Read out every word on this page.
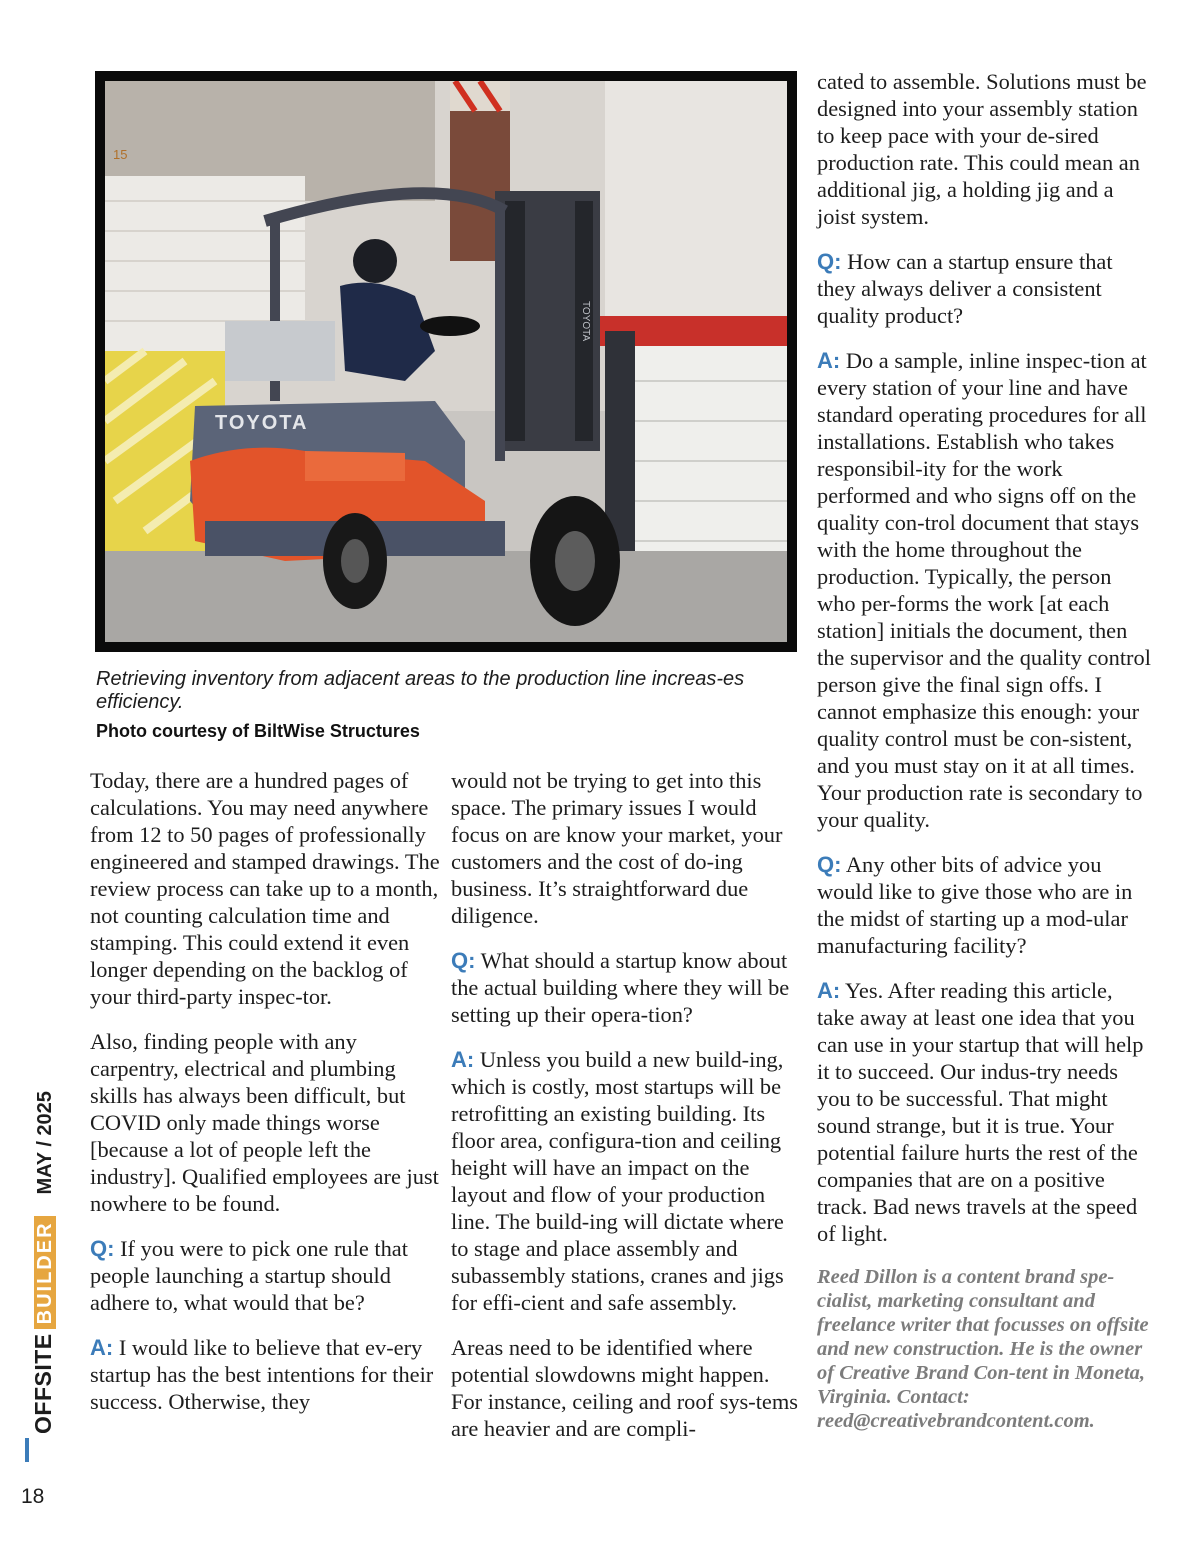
15
TOYOTA
TOYOTA

Retrieving inventory from adjacent areas to the production line increas-es efficiency.

Photo courtesy of BiltWise Structures

Today, there are a hundred pages of calculations. You may need anywhere from 12 to 50 pages of professionally engineered and stamped drawings. The review process can take up to a month, not counting calculation time and stamping. This could extend it even longer depending on the backlog of your third-party inspec-tor.

Also, finding people with any carpentry, electrical and plumbing skills has always been difficult, but COVID only made things worse [because a lot of people left the industry]. Qualified employees are just nowhere to be found.

Q: If you were to pick one rule that people launching a startup should adhere to, what would that be?

A: I would like to believe that ev-ery startup has the best intentions for their success. Otherwise, they

would not be trying to get into this space. The primary issues I would focus on are know your market, your customers and the cost of do-ing business. It’s straightforward due diligence.

Q: What should a startup know about the actual building where they will be setting up their opera-tion?

A: Unless you build a new build-ing, which is costly, most startups will be retrofitting an existing building. Its floor area, configura-tion and ceiling height will have an impact on the layout and flow of your production line. The build-ing will dictate where to stage and place assembly and subassembly stations, cranes and jigs for effi-cient and safe assembly.

Areas need to be identified where potential slowdowns might happen. For instance, ceiling and roof sys-tems are heavier and are compli-

cated to assemble. Solutions must be designed into your assembly station to keep pace with your de-sired production rate. This could mean an additional jig, a holding jig and a joist system.

Q: How can a startup ensure that they always deliver a consistent quality product?

A: Do a sample, inline inspec-tion at every station of your line and have standard operating procedures for all installations. Establish who takes responsibil-ity for the work performed and who signs off on the quality con-trol document that stays with the home throughout the production. Typically, the person who per-forms the work [at each station] initials the document, then the supervisor and the quality control person give the final sign offs. I cannot emphasize this enough: your quality control must be con-sistent, and you must stay on it at all times. Your production rate is secondary to your quality.

Q: Any other bits of advice you would like to give those who are in the midst of starting up a mod-ular manufacturing facility?

A: Yes. After reading this article, take away at least one idea that you can use in your startup that will help it to succeed. Our indus-try needs you to be successful. That might sound strange, but it is true. Your potential failure hurts the rest of the companies that are on a positive track. Bad news travels at the speed of light.

Reed Dillon is a content brand spe-cialist, marketing consultant and freelance writer that focusses on offsite and new construction. He is the owner of Creative Brand Con-tent in Moneta, Virginia. Contact: reed@creativebrandcontent.com.

OFFSITEBUILDERMAY / 2025
18
